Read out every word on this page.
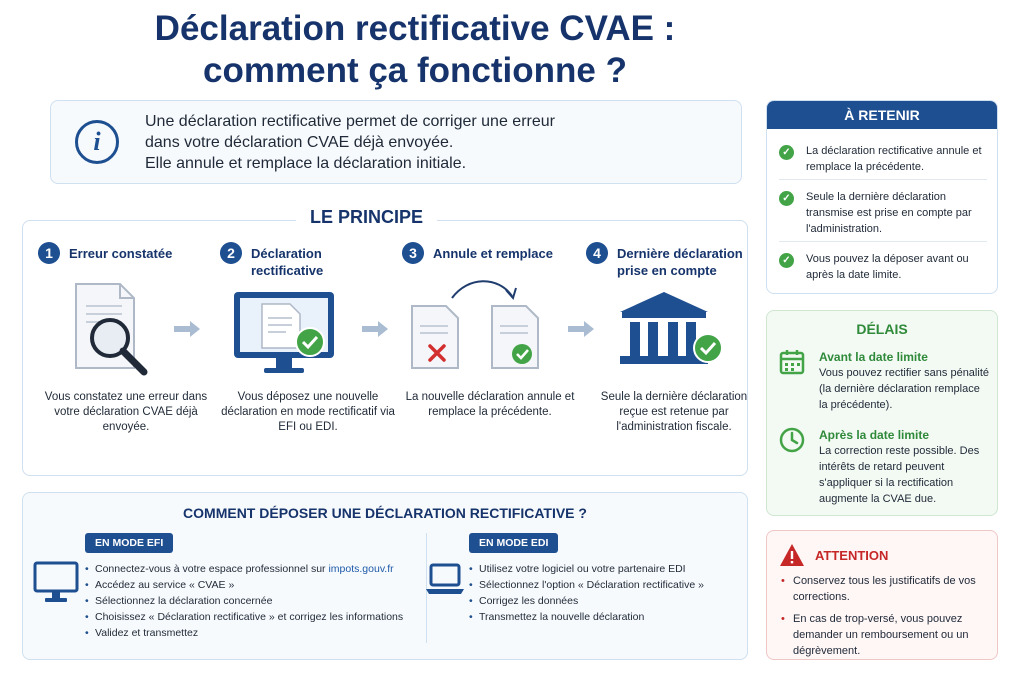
Déclaration rectificative CVAE :
comment ça fonctionne ?
i
Une déclaration rectificative permet de corriger une erreur
dans votre déclaration CVAE déjà envoyée.
Elle annule et remplace la déclaration initiale.
LE PRINCIPE
1	Erreur constatée
Vous constatez une erreur dans votre déclaration CVAE déjà envoyée.
2	Déclaration rectificative
Vous déposez une nouvelle déclaration en mode rectificatif via EFI ou EDI.
3	Annule et remplace
La nouvelle déclaration annule et remplace la précédente.
4	Dernière déclaration prise en compte
Seule la dernière déclaration reçue est retenue par l'administration fiscale.
COMMENT DÉPOSER UNE DÉCLARATION RECTIFICATIVE ?
EN MODE EFI
• Connectez-vous à votre espace professionnel sur impots.gouv.fr
• Accédez au service « CVAE »
• Sélectionnez la déclaration concernée
• Choisissez « Déclaration rectificative » et corrigez les informations
• Validez et transmettez
EN MODE EDI
• Utilisez votre logiciel ou votre partenaire EDI
• Sélectionnez l'option « Déclaration rectificative »
• Corrigez les données
• Transmettez la nouvelle déclaration
À RETENIR
✓	La déclaration rectificative annule et remplace la précédente.
✓	Seule la dernière déclaration transmise est prise en compte par l'administration.
✓	Vous pouvez la déposer avant ou après la date limite.
DÉLAIS
Avant la date limite
Vous pouvez rectifier sans pénalité (la dernière déclaration remplace la précédente).
Après la date limite
La correction reste possible. Des intérêts de retard peuvent s'appliquer si la rectification augmente la CVAE due.
ATTENTION
• Conservez tous les justificatifs de vos corrections.
• En cas de trop-versé, vous pouvez demander un remboursement ou un dégrèvement.
